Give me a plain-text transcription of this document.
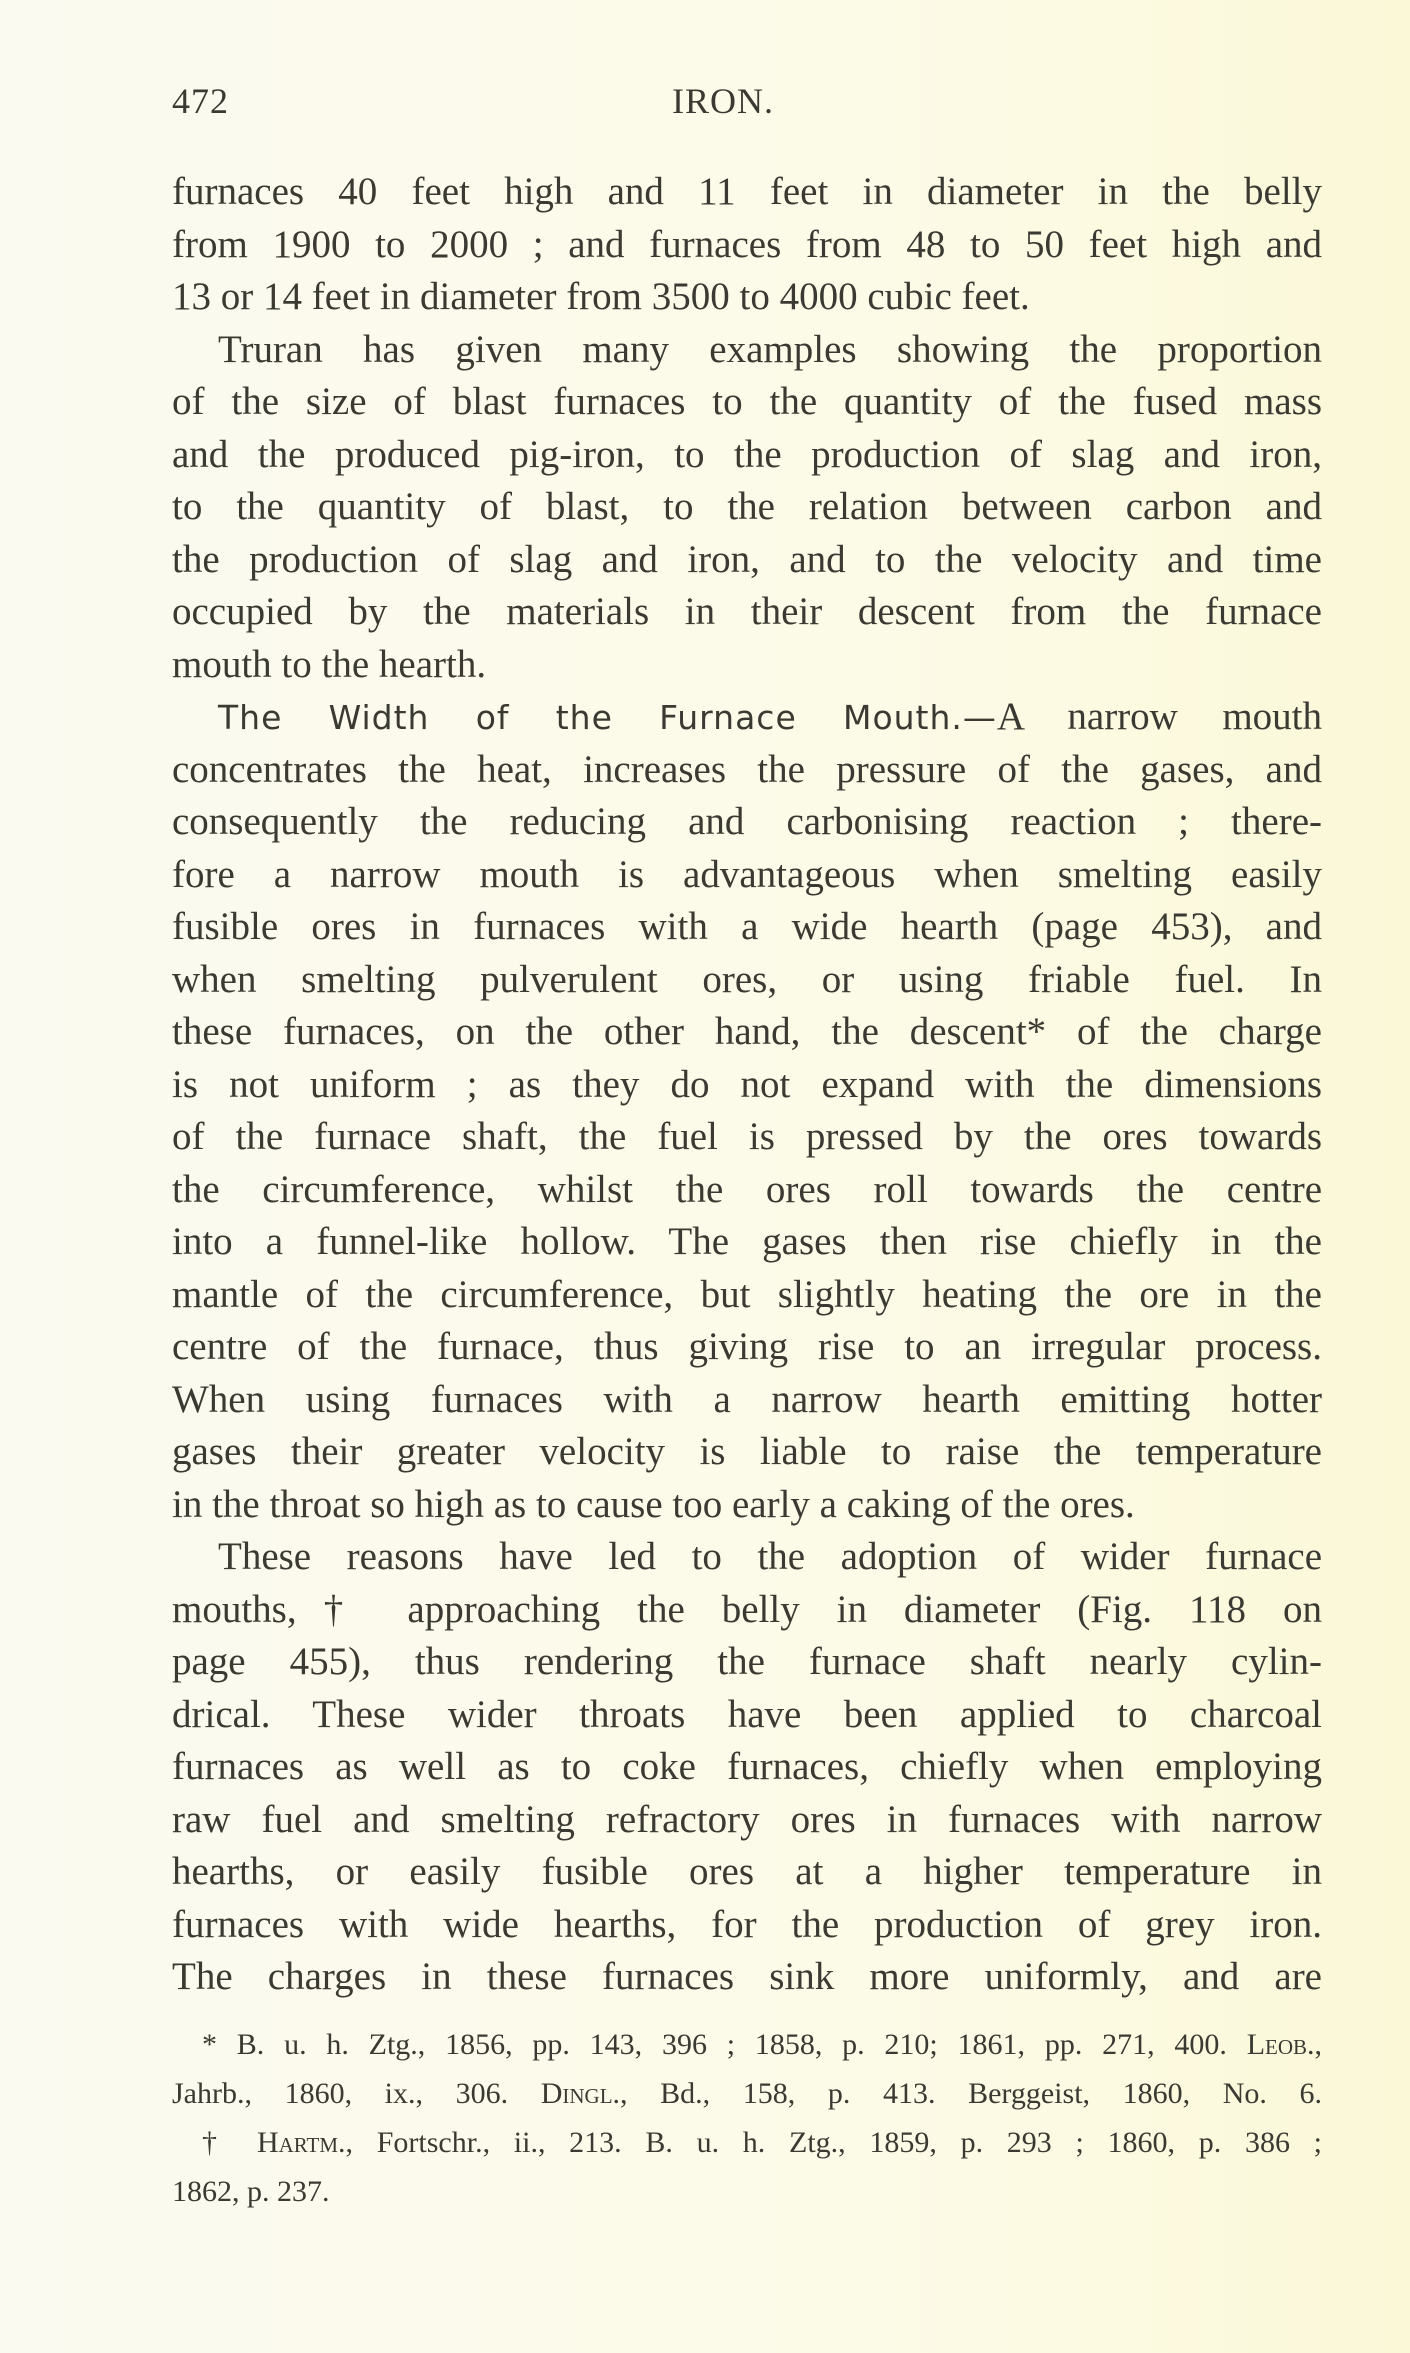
472	IRON.
furnaces 40 feet high and 11 feet in diameter in the belly
from 1900 to 2000 ; and furnaces from 48 to 50 feet high and
13 or 14 feet in diameter from 3500 to 4000 cubic feet.
Truran has given many examples showing the proportion
of the size of blast furnaces to the quantity of the fused mass
and the produced pig-iron, to the production of slag and iron,
to the quantity of blast, to the relation between carbon and
the production of slag and iron, and to the velocity and time
occupied by the materials in their descent from the furnace
mouth to the hearth.
The Width of the Furnace Mouth.—A narrow mouth
concentrates the heat, increases the pressure of the gases, and
consequently the reducing and carbonising reaction ; there-
fore a narrow mouth is advantageous when smelting easily
fusible ores in furnaces with a wide hearth (page 453), and
when smelting pulverulent ores, or using friable fuel. In
these furnaces, on the other hand, the descent* of the charge
is not uniform ; as they do not expand with the dimensions
of the furnace shaft, the fuel is pressed by the ores towards
the circumference, whilst the ores roll towards the centre
into a funnel-like hollow. The gases then rise chiefly in the
mantle of the circumference, but slightly heating the ore in the
centre of the furnace, thus giving rise to an irregular process.
When using furnaces with a narrow hearth emitting hotter
gases their greater velocity is liable to raise the temperature
in the throat so high as to cause too early a caking of the ores.
These reasons have led to the adoption of wider furnace
mouths,† approaching the belly in diameter (Fig. 118 on
page 455), thus rendering the furnace shaft nearly cylin-
drical. These wider throats have been applied to charcoal
furnaces as well as to coke furnaces, chiefly when employing
raw fuel and smelting refractory ores in furnaces with narrow
hearths, or easily fusible ores at a higher temperature in
furnaces with wide hearths, for the production of grey iron.
The charges in these furnaces sink more uniformly, and are
* B. u. h. Ztg., 1856, pp. 143, 396 ; 1858, p. 210; 1861, pp. 271, 400. Leob.,
Jahrb., 1860, ix., 306. Dingl., Bd., 158, p. 413. Berggeist, 1860, No. 6.
† Hartm., Fortschr., ii., 213. B. u. h. Ztg., 1859, p. 293 ; 1860, p. 386 ;
1862, p. 237.
